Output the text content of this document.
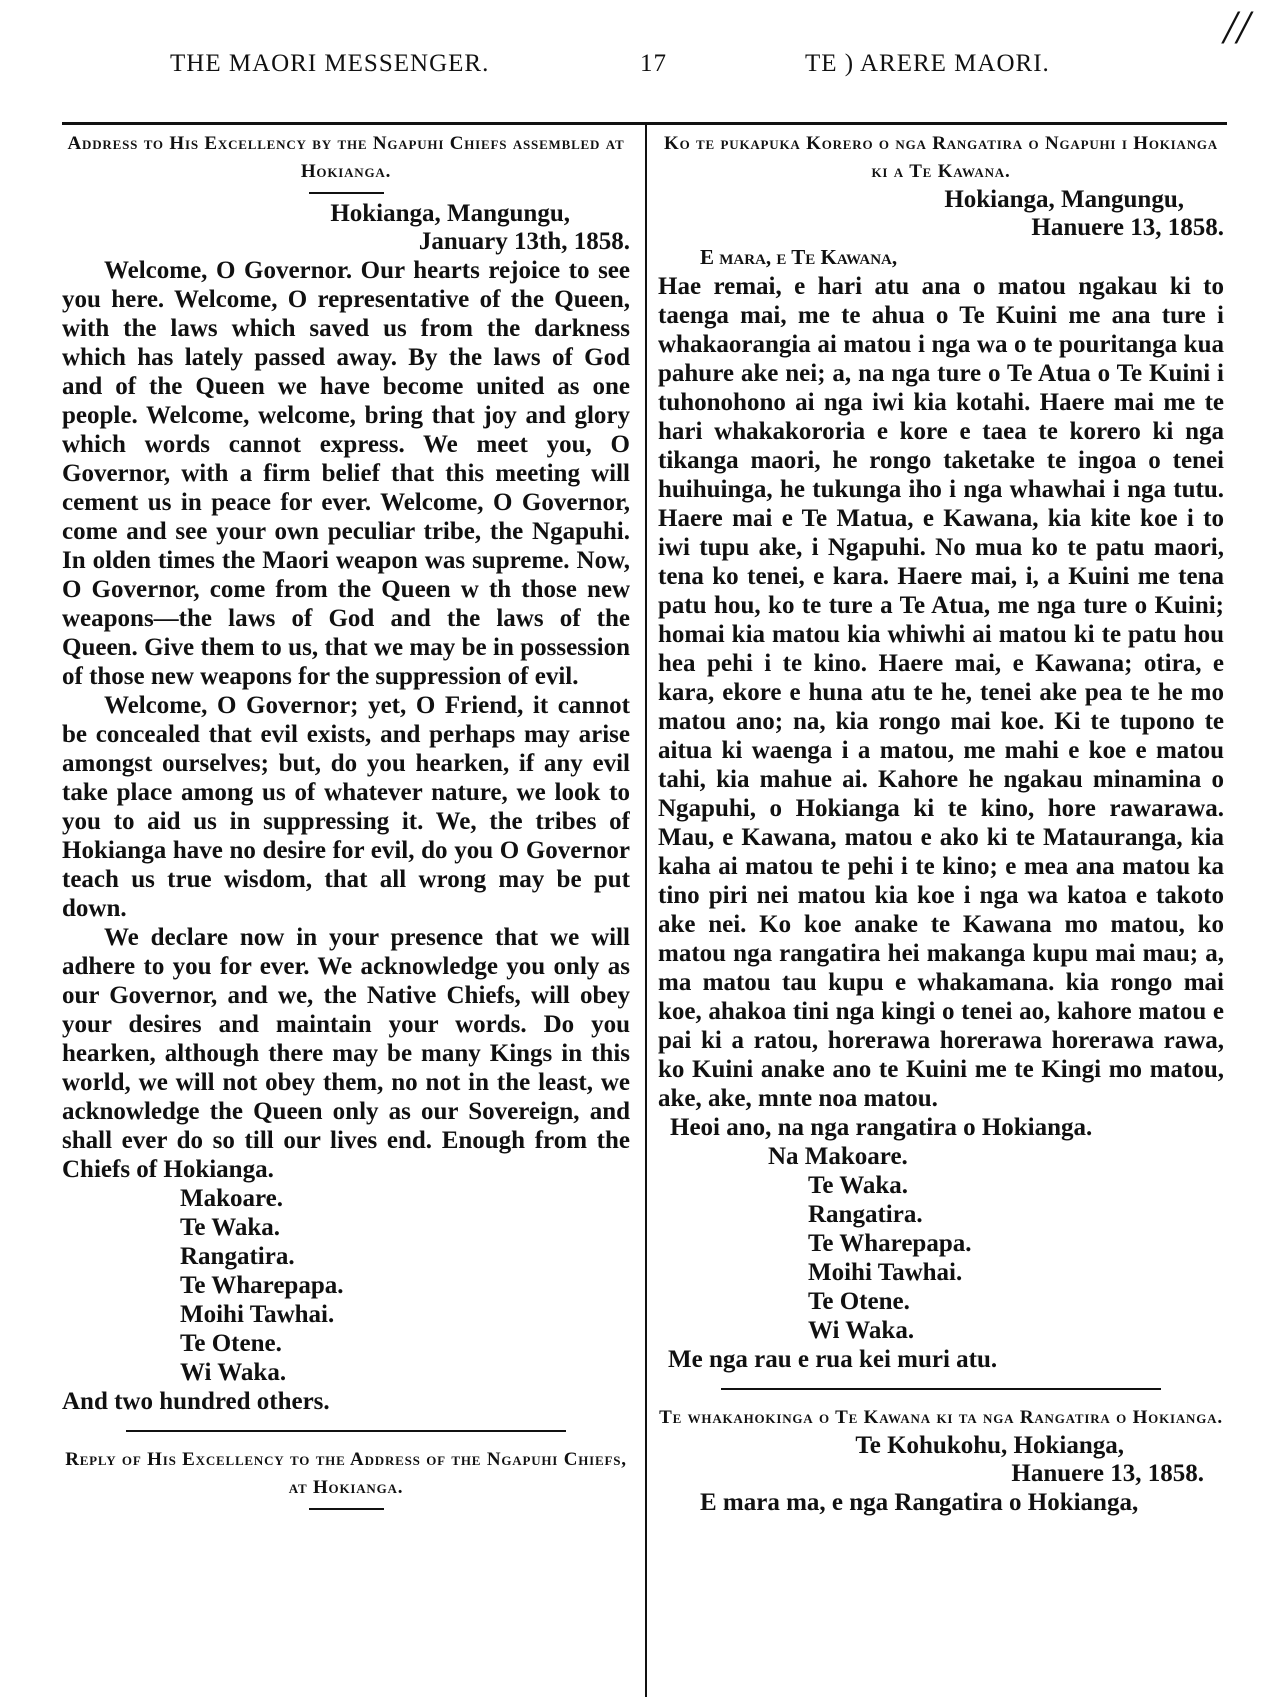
//
THE MAORI MESSENGER.	17	TE ) ARERE MAORI.

Address to His Excellency by the Ngapuhi Chiefs assembled at Hokianga.

Hokianga, Mangungu,

January 13th, 1858.

Welcome, O Governor. Our hearts rejoice to see you here. Welcome, O representative of the Queen, with the laws which saved us from the darkness which has lately passed away. By the laws of God and of the Queen we have become united as one people. Welcome, welcome, bring that joy and glory which words cannot express. We meet you, O Governor, with a firm belief that this meeting will cement us in peace for ever. Welcome, O Governor, come and see your own peculiar tribe, the Ngapuhi. In olden times the Maori weapon was supreme. Now, O Governor, come from the Queen w th those new weapons—the laws of God and the laws of the Queen. Give them to us, that we may be in possession of those new weapons for the suppression of evil.

Welcome, O Governor; yet, O Friend, it cannot be concealed that evil exists, and perhaps may arise amongst ourselves; but, do you hearken, if any evil take place among us of whatever nature, we look to you to aid us in suppressing it. We, the tribes of Hokianga have no desire for evil, do you O Governor teach us true wisdom, that all wrong may be put down.

We declare now in your presence that we will adhere to you for ever. We acknowledge you only as our Governor, and we, the Native Chiefs, will obey your desires and maintain your words. Do you hearken, although there may be many Kings in this world, we will not obey them, no not in the least, we acknowledge the Queen only as our Sovereign, and shall ever do so till our lives end. Enough from the Chiefs of Hokianga.

Makoare.

Te Waka.

Rangatira.

Te Wharepapa.

Moihi Tawhai.

Te Otene.

Wi Waka.

And two hundred others.

Reply of His Excellency to the Address of the Ngapuhi Chiefs, at Hokianga.

Ko te pukapuka Korero o nga Rangatira o Ngapuhi i Hokianga ki a Te Kawana.

Hokianga, Mangungu,

Hanuere 13, 1858.

E mara, e Te Kawana,

Hae remai, e hari atu ana o matou ngakau ki to taenga mai, me te ahua o Te Kuini me ana ture i whakaorangia ai matou i nga wa o te pouritanga kua pahure ake nei; a, na nga ture o Te Atua o Te Kuini i tuhonohono ai nga iwi kia kotahi. Haere mai me te hari whakakororia e kore e taea te korero ki nga tikanga maori, he rongo taketake te ingoa o tenei huihuinga, he tukunga iho i nga whawhai i nga tutu. Haere mai e Te Matua, e Kawana, kia kite koe i to iwi tupu ake, i Ngapuhi. No mua ko te patu maori, tena ko tenei, e kara. Haere mai, i, a Kuini me tena patu hou, ko te ture a Te Atua, me nga ture o Kuini; homai kia matou kia whiwhi ai matou ki te patu hou hea pehi i te kino. Haere mai, e Kawana; otira, e kara, ekore e huna atu te he, tenei ake pea te he mo matou ano; na, kia rongo mai koe. Ki te tupono te aitua ki waenga i a matou, me mahi e koe e matou tahi, kia mahue ai. Kahore he ngakau minamina o Ngapuhi, o Hokianga ki te kino, hore rawarawa. Mau, e Kawana, matou e ako ki te Matauranga, kia kaha ai matou te pehi i te kino; e mea ana matou ka tino piri nei matou kia koe i nga wa katoa e takoto ake nei. Ko koe anake te Kawana mo matou, ko matou nga rangatira hei makanga kupu mai mau; a, ma matou tau kupu e whakamana. kia rongo mai koe, ahakoa tini nga kingi o tenei ao, kahore matou e pai ki a ratou, horerawa horerawa horerawa rawa, ko Kuini anake ano te Kuini me te Kingi mo matou, ake, ake, mnte noa matou.

Heoi ano, na nga rangatira o Hokianga.

Na Makoare.

Te Waka.

Rangatira.

Te Wharepapa.

Moihi Tawhai.

Te Otene.

Wi Waka.

Me nga rau e rua kei muri atu.

Te whakahokinga o Te Kawana ki ta nga Rangatira o Hokianga.

Te Kohukohu, Hokianga,

Hanuere 13, 1858.

E mara ma, e nga Rangatira o Hokianga,
